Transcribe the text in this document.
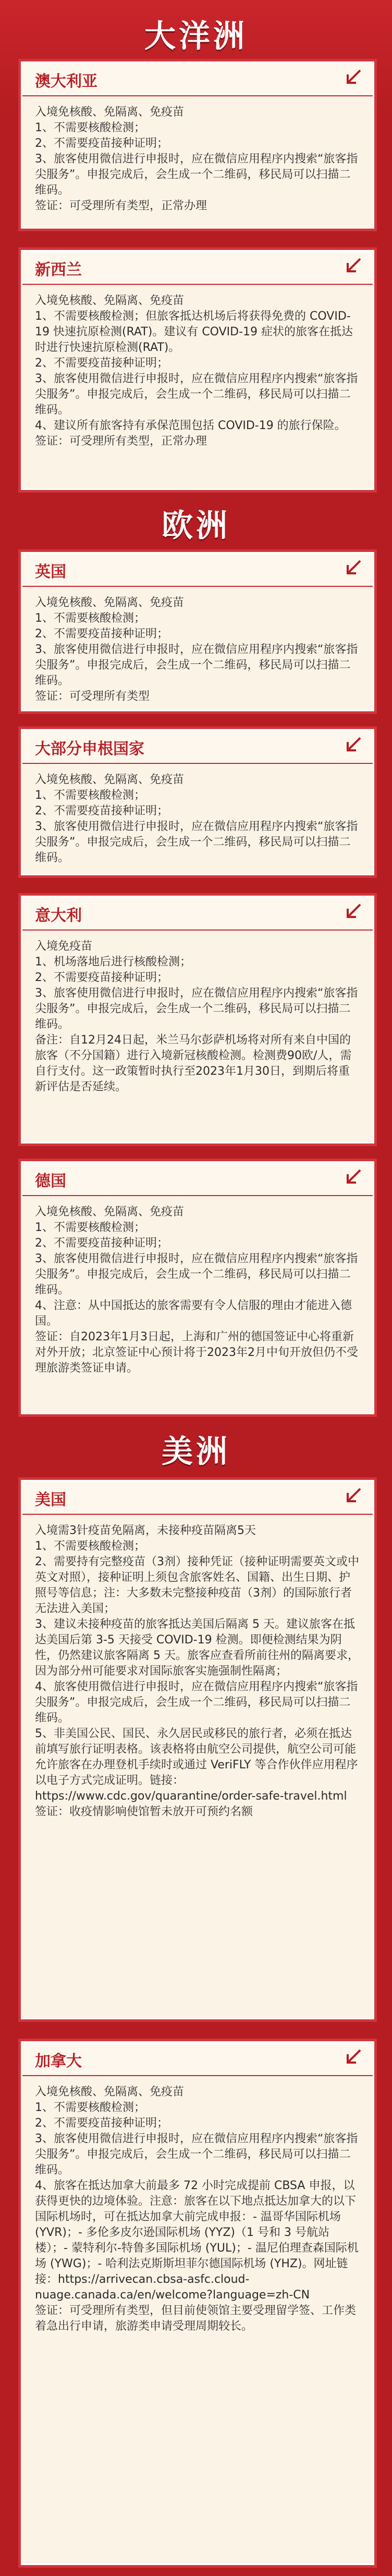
大洋洲
澳大利亚

入境免核酸、免隔离、免疫苗

1、不需要核酸检测；

2、不需要疫苗接种证明；

3、旅客使用微信进行申报时，应在微信应用程序内搜索“旅客指尖服务”。申报完成后，会生成一个二维码，移民局可以扫描二维码。

签证：可受理所有类型，正常办理

新西兰

入境免核酸、免隔离、免疫苗

1、不需要核酸检测；但旅客抵达机场后将获得免费的 COVID-19 快速抗原检测(RAT)。建议有 COVID-19 症状的旅客在抵达时进行快速抗原检测(RAT)。

2、不需要疫苗接种证明；

3、旅客使用微信进行申报时，应在微信应用程序内搜索“旅客指尖服务”。申报完成后，会生成一个二维码，移民局可以扫描二维码。

4、建议所有旅客持有承保范围包括 COVID-19 的旅行保险。

签证：可受理所有类型，正常办理

欧洲
英国

入境免核酸、免隔离、免疫苗

1、不需要核酸检测；

2、不需要疫苗接种证明；

3、旅客使用微信进行申报时，应在微信应用程序内搜索“旅客指尖服务”。申报完成后，会生成一个二维码，移民局可以扫描二维码。

签证：可受理所有类型

大部分申根国家

入境免核酸、免隔离、免疫苗

1、不需要核酸检测；

2、不需要疫苗接种证明；

3、旅客使用微信进行申报时，应在微信应用程序内搜索“旅客指尖服务”。申报完成后，会生成一个二维码，移民局可以扫描二维码。

意大利

入境免疫苗

1、机场落地后进行核酸检测；

2、不需要疫苗接种证明；

3、旅客使用微信进行申报时，应在微信应用程序内搜索“旅客指尖服务”。申报完成后，会生成一个二维码，移民局可以扫描二维码。

备注：自12月24日起，米兰马尔彭萨机场将对所有来自中国的旅客（不分国籍）进行入境新冠核酸检测。检测费90欧/人，需自行支付。这一政策暂时执行至2023年1月30日，到期后将重新评估是否延续。

德国

入境免核酸、免隔离、免疫苗

1、不需要核酸检测；

2、不需要疫苗接种证明；

3、旅客使用微信进行申报时，应在微信应用程序内搜索“旅客指尖服务”。申报完成后，会生成一个二维码，移民局可以扫描二维码。

4、注意：从中国抵达的旅客需要有令人信服的理由才能进入德国。

签证：自2023年1月3日起，上海和广州的德国签证中心将重新对外开放；北京签证中心预计将于2023年2月中旬开放但仍不受理旅游类签证申请。

美洲
美国

入境需3针疫苗免隔离，未接种疫苗隔离5天

1、不需要核酸检测；

2、需要持有完整疫苗（3剂）接种凭证（接种证明需要英文或中英文对照），接种证明上须包含旅客姓名、国籍、出生日期、护照号等信息；注：大多数未完整接种疫苗（3剂）的国际旅行者无法进入美国；

3、建议未接种疫苗的旅客抵达美国后隔离 5 天。建议旅客在抵达美国后第 3-5 天接受 COVID-19 检测。即便检测结果为阴性，仍然建议旅客隔离 5 天。旅客应查看所前往州的隔离要求，因为部分州可能要求对国际旅客实施强制性隔离；

4、旅客使用微信进行申报时，应在微信应用程序内搜索“旅客指尖服务”。申报完成后，会生成一个二维码，移民局可以扫描二维码。

5、非美国公民、国民、永久居民或移民的旅行者，必须在抵达前填写旅行证明表格。该表格将由航空公司提供，航空公司可能允许旅客在办理登机手续时或通过 VeriFLY 等合作伙伴应用程序以电子方式完成证明。链接：https://www.cdc.gov/quarantine/order-safe-travel.html

签证：收疫情影响使馆暂未放开可预约名额

加拿大

入境免核酸、免隔离、免疫苗

1、不需要核酸检测；

2、不需要疫苗接种证明；

3、旅客使用微信进行申报时，应在微信应用程序内搜索“旅客指尖服务”。申报完成后，会生成一个二维码，移民局可以扫描二维码。

4、旅客在抵达加拿大前最多 72 小时完成提前 CBSA 申报，以获得更快的边境体验。注意：旅客在以下地点抵达加拿大的以下国际机场时，可在抵达加拿大前完成申报：- 温哥华国际机场 (YVR)；- 多伦多皮尔逊国际机场 (YYZ)（1 号和 3 号航站楼）；- 蒙特利尔-特鲁多国际机场 (YUL)；- 温尼伯理查森国际机场 (YWG)；- 哈利法克斯斯坦菲尔德国际机场 (YHZ)。网址链接：https://arrivecan.cbsa-asfc.cloud-nuage.canada.ca/en/welcome?language=zh-CN

签证：可受理所有类型，但目前使领馆主要受理留学签、工作类着急出行申请，旅游类申请受理周期较长。
